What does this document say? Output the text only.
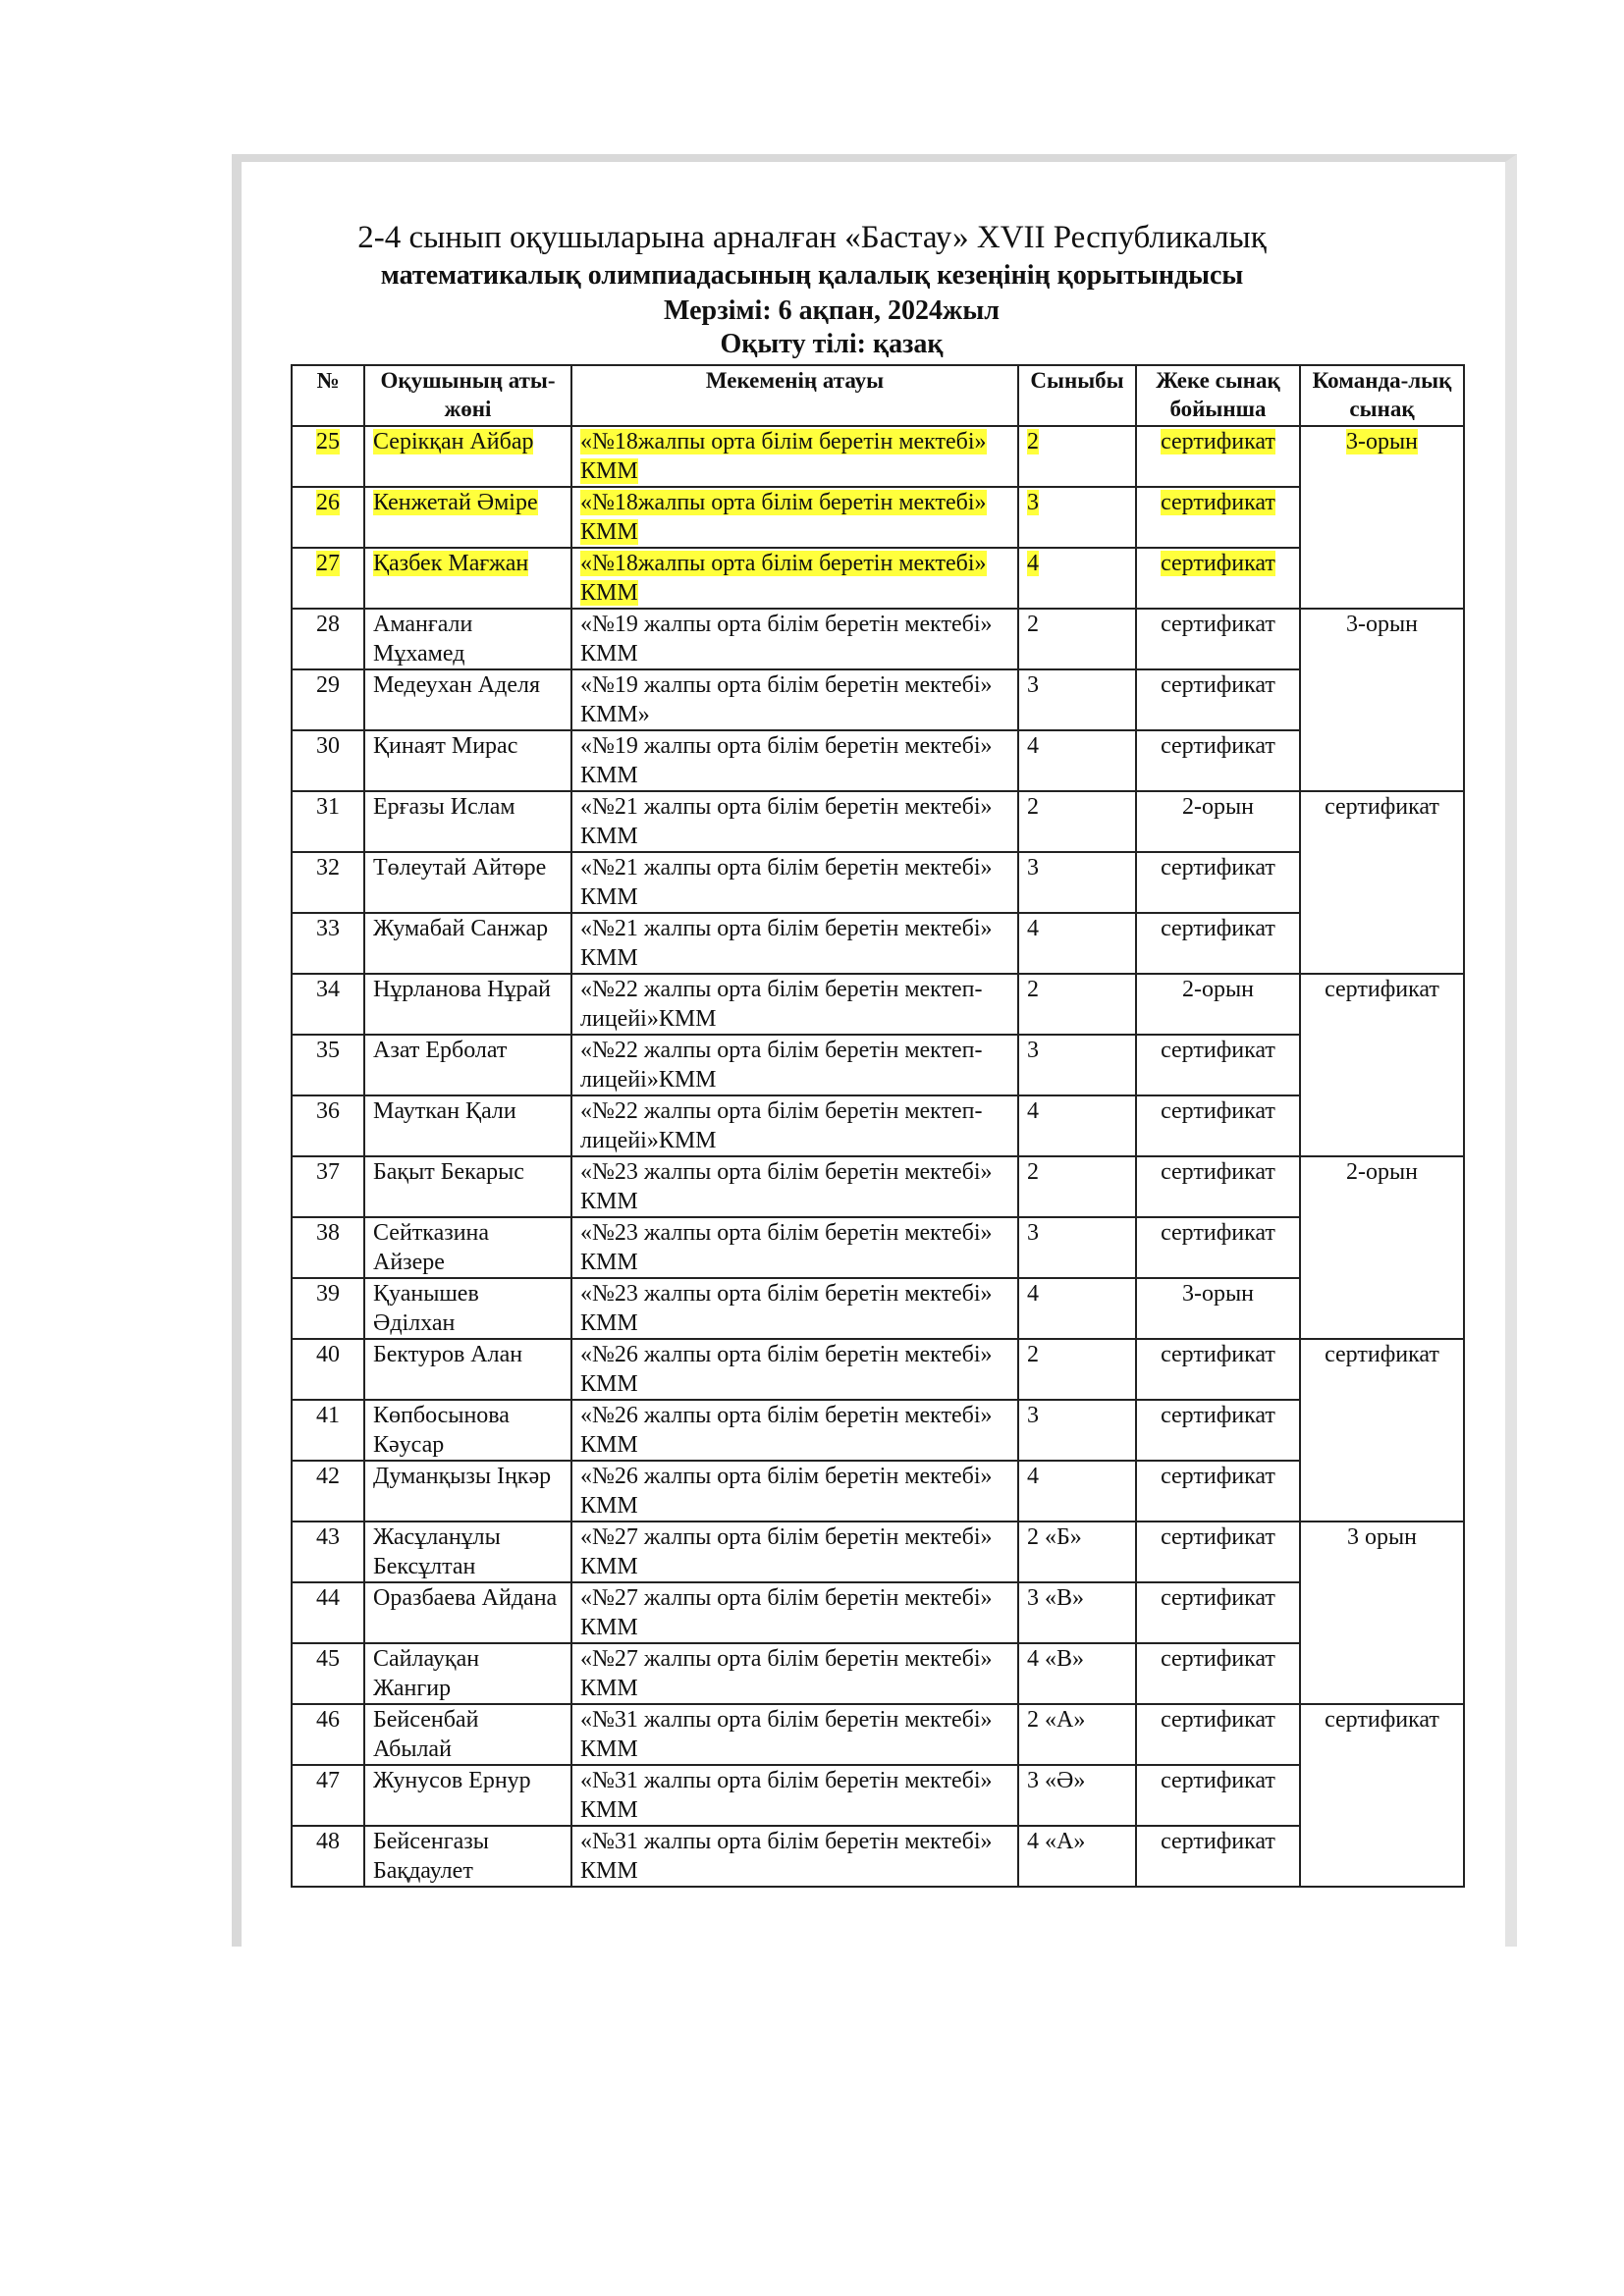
2-4 сынып оқушыларына арналған «Бастау» XVII Республикалық
математикалық олимпиадасының қалалық кезеңінің қорытындысы
Мерзімі: 6 ақпан, 2024жыл
Оқыту тілі: қазақ
№	Оқушының аты-жөні	Мекеменің атауы	Сыныбы	Жеке сынақ бойынша	Команда-лық сынақ
25	Серікқан Айбар	«№18жалпы орта білім беретін мектебі» КММ	2	сертификат	3-орын
26	Кенжетай Әміре	«№18жалпы орта білім беретін мектебі» КММ	3	сертификат	
27	Қазбек Мағжан	«№18жалпы орта білім беретін мектебі» КММ	4	сертификат	
28	Аманғали Мұхамед	«№19 жалпы орта білім беретін мектебі» КММ	2	сертификат	3-орын
29	Медеухан Аделя	«№19 жалпы орта білім беретін мектебі» КММ»	3	сертификат	
30	Қинаят Мирас	«№19 жалпы орта білім беретін мектебі» КММ	4	сертификат	
31	Ерғазы Ислам	«№21 жалпы орта білім беретін мектебі» КММ	2	2-орын	сертификат
32	Төлеутай Айтөре	«№21 жалпы орта білім беретін мектебі» КММ	3	сертификат	
33	Жумабай Санжар	«№21 жалпы орта білім беретін мектебі» КММ	4	сертификат	
34	Нұрланова Нұрай	«№22 жалпы орта білім беретін мектеп-лицейі»КММ	2	2-орын	сертификат
35	Азат Ерболат	«№22 жалпы орта білім беретін мектеп-лицейі»КММ	3	сертификат	
36	Мауткан Қали	«№22 жалпы орта білім беретін мектеп-лицейі»КММ	4	сертификат	
37	Бақыт Бекарыс	«№23 жалпы орта білім беретін мектебі» КММ	2	сертификат	2-орын
38	Сейтказина Айзере	«№23 жалпы орта білім беретін мектебі» КММ	3	сертификат	
39	Қуанышев Әділхан	«№23 жалпы орта білім беретін мектебі» КММ	4	3-орын	
40	Бектуров Алан	«№26 жалпы орта білім беретін мектебі» КММ	2	сертификат	сертификат
41	Көпбосынова Кәусар	«№26 жалпы орта білім беретін мектебі» КММ	3	сертификат	
42	Думанқызы Іңкәр	«№26 жалпы орта білім беретін мектебі» КММ	4	сертификат	
43	Жасұланұлы Бексұлтан	«№27 жалпы орта білім беретін мектебі» КММ	2 «Б»	сертификат	3 орын
44	Оразбаева Айдана	«№27 жалпы орта білім беретін мектебі» КММ	3 «В»	сертификат	
45	Сайлауқан Жангир	«№27 жалпы орта білім беретін мектебі» КММ	4 «В»	сертификат	
46	Бейсенбай Абылай	«№31 жалпы орта білім беретін мектебі» КММ	2 «А»	сертификат	сертификат
47	Жунусов Ернур	«№31 жалпы орта білім беретін мектебі» КММ	3 «Ә»	сертификат	
48	Бейсенгазы Бақдаулет	«№31 жалпы орта білім беретін мектебі» КММ	4 «А»	сертификат	
